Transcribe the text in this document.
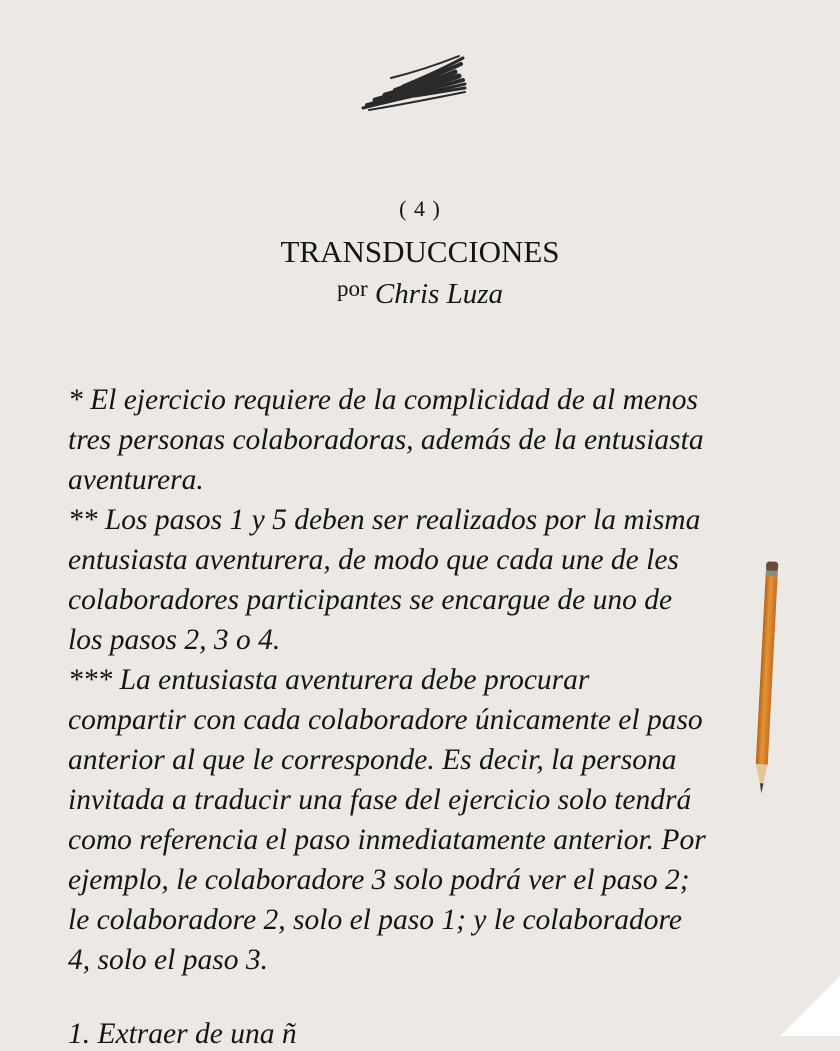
( 4 )
TRANSDUCCIONES
$^{por}$ Chris Luza

* El ejercicio requiere de la complicidad de al menos

tres personas colaboradoras, además de la entusiasta

aventurera.

** Los pasos 1 y 5 deben ser realizados por la misma

entusiasta aventurera, de modo que cada une de les

colaboradores participantes se encargue de uno de

los pasos 2, 3 o 4.

*** La entusiasta aventurera debe procurar

compartir con cada colaboradore únicamente el paso

anterior al que le corresponde. Es decir, la persona

invitada a traducir una fase del ejercicio solo tendrá

como referencia el paso inmediatamente anterior. Por

ejemplo, le colaboradore 3 solo podrá ver el paso 2;

le colaboradore 2, solo el paso 1; y le colaboradore

4, solo el paso 3.

1. Extraer de una ñ
